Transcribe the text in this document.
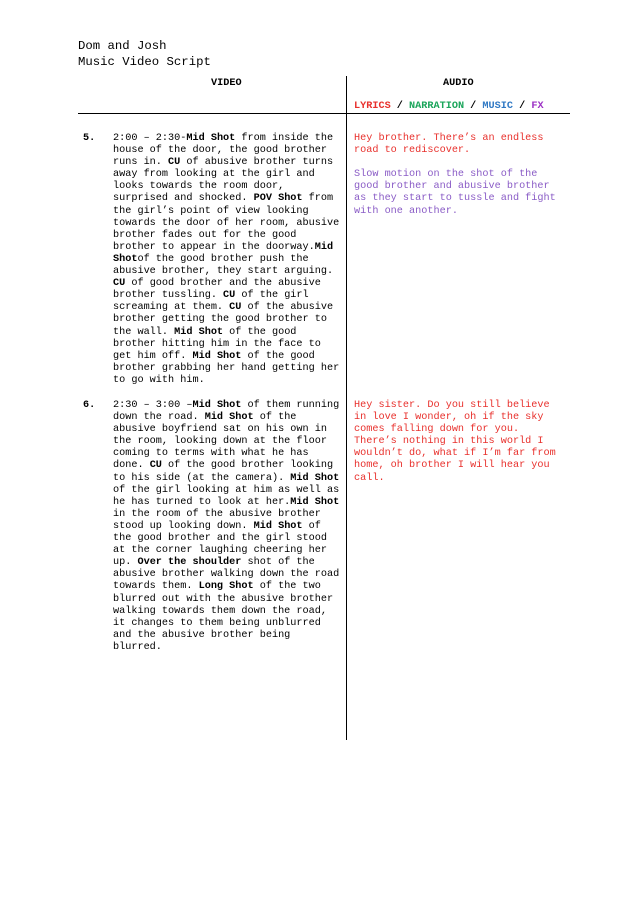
Dom and Josh
Music Video Script
VIDEO	AUDIO
LYRICS / NARRATION / MUSIC / FX
5. 2:00 – 2:30-Mid Shot from inside the house of the door, the good brother runs in. CU of abusive brother turns away from looking at the girl and looks towards the room door, surprised and shocked. POV Shot from the girl’s point of view looking towards the door of her room, abusive brother fades out for the good brother to appear in the doorway.Mid Shotof the good brother push the abusive brother, they start arguing. CU of good brother and the abusive brother tussling. CU of the girl screaming at them. CU of the abusive brother getting the good brother to the wall. Mid Shot of the good brother hitting him in the face to get him off. Mid Shot of the good brother grabbing her hand getting her to go with him.
Hey brother. There’s an endless road to rediscover.
Slow motion on the shot of the good brother and abusive brother as they start to tussle and fight with one another.
6. 2:30 – 3:00 –Mid Shot of them running down the road. Mid Shot of the abusive boyfriend sat on his own in the room, looking down at the floor coming to terms with what he has done. CU of the good brother looking to his side (at the camera). Mid Shot of the girl looking at him as well as he has turned to look at her.Mid Shot in the room of the abusive brother stood up looking down. Mid Shot of the good brother and the girl stood at the corner laughing cheering her up. Over the shoulder shot of the abusive brother walking down the road towards them. Long Shot of the two blurred out with the abusive brother walking towards them down the road, it changes to them being unblurred and the abusive brother being blurred.
Hey sister. Do you still believe in love I wonder, oh if the sky comes falling down for you. There’s nothing in this world I wouldn’t do, what if I’m far from home, oh brother I will hear you call.
